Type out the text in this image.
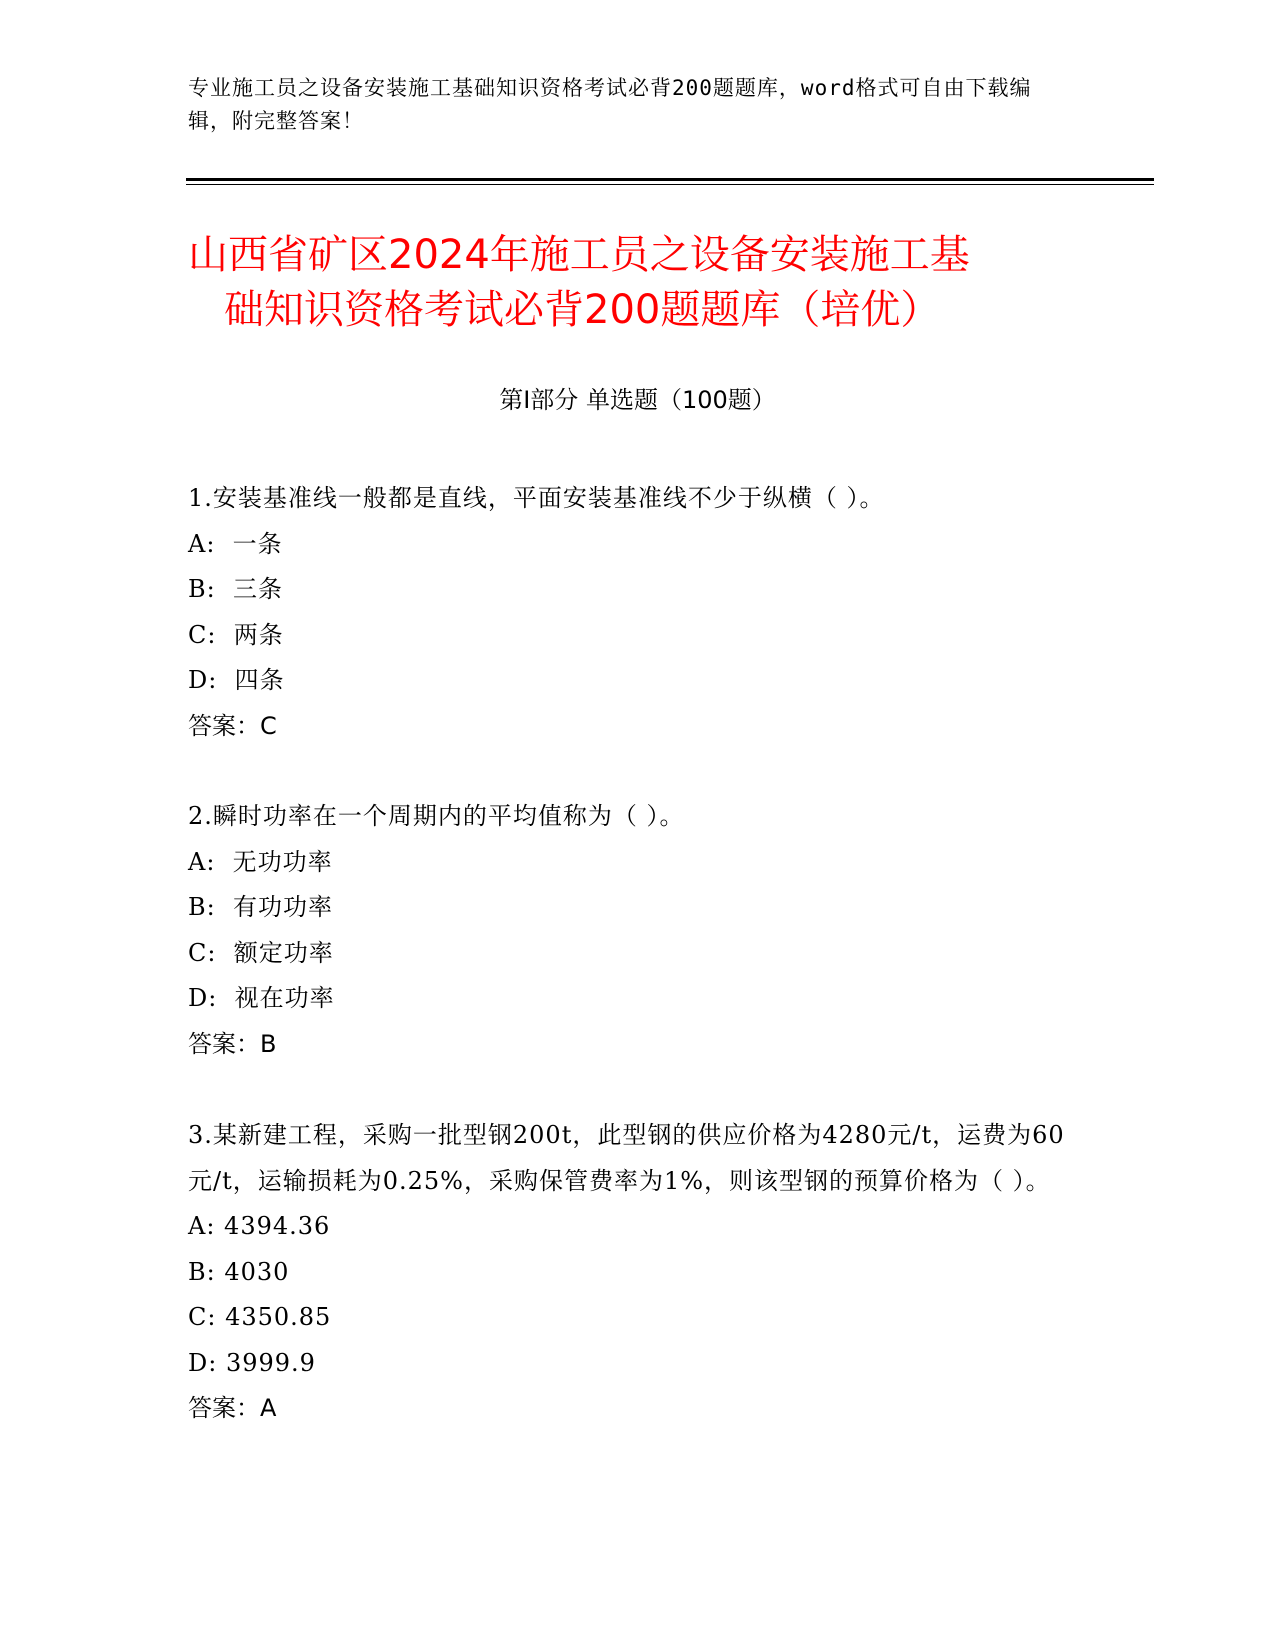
专业施工员之设备安装施工基础知识资格考试必背200题题库，word格式可自由下载编辑，附完整答案！
山西省矿区2024年施工员之设备安装施工基
础知识资格考试必背200题题库（培优）
第Ⅰ部分 单选题（100题）
1.安装基准线一般都是直线，平面安装基准线不少于纵横（ ）。
A:  一条
B:  三条
C:  两条
D:  四条
答案：C
2.瞬时功率在一个周期内的平均值称为（ ）。
A:  无功功率
B:  有功功率
C:  额定功率
D:  视在功率
答案：B
3.某新建工程，采购一批型钢200t，此型钢的供应价格为4280元/t，运费为60元/t，运输损耗为0.25%，采购保管费率为1%，则该型钢的预算价格为（ ）。
A: 4394.36
B: 4030
C: 4350.85
D: 3999.9
答案：A
